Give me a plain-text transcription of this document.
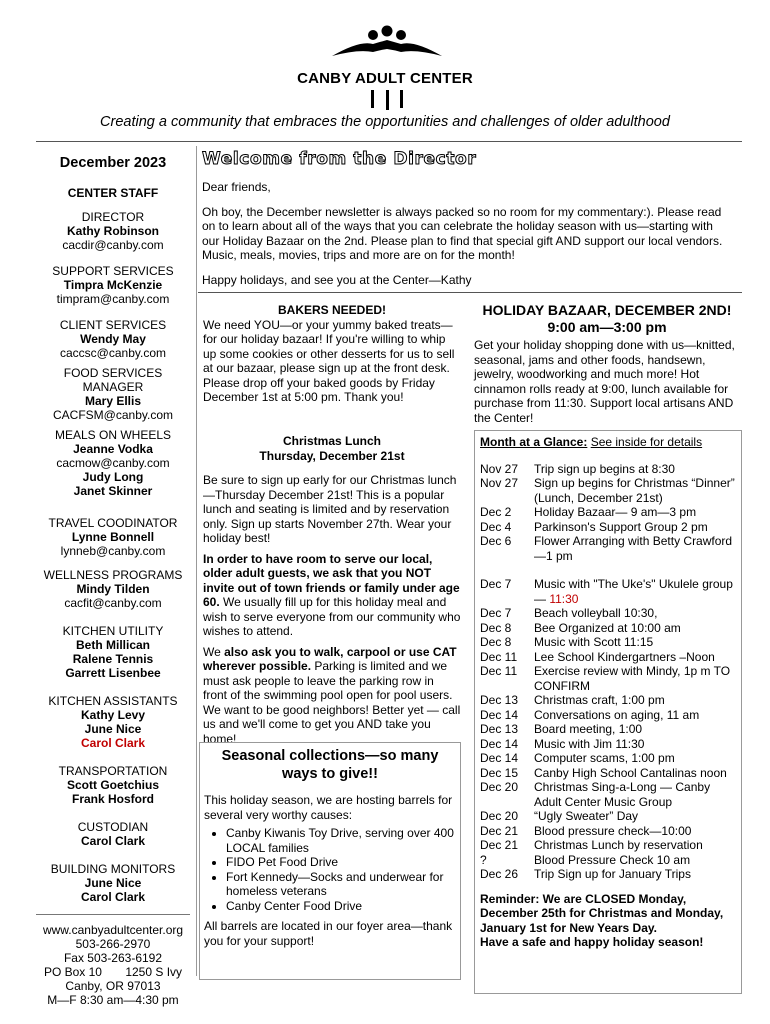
CANBY ADULT CENTER
Creating a community that embraces the opportunities and challenges of older adulthood
December 2023
CENTER STAFF
DIRECTOR
Kathy Robinson
cacdir@canby.com
SUPPORT SERVICES
Timpra McKenzie
timpram@canby.com
CLIENT SERVICES
Wendy May
caccsc@canby.com
FOOD SERVICES
MANAGER
Mary Ellis
CACFSM@canby.com
MEALS ON WHEELS
Jeanne Vodka
cacmow@canby.com
Judy Long
Janet Skinner
TRAVEL COODINATOR
Lynne Bonnell
lynneb@canby.com
WELLNESS PROGRAMS
Mindy Tilden
cacfit@canby.com
KITCHEN UTILITY
Beth Millican
Ralene Tennis
Garrett Lisenbee
KITCHEN ASSISTANTS
Kathy Levy
June Nice
Carol Clark
TRANSPORTATION
Scott Goetchius
Frank Hosford
CUSTODIAN
Carol Clark
BUILDING MONITORS
June Nice
Carol Clark
www.canbyadultcenter.org
503-266-2970
Fax 503-263-6192
PO Box 10 1250 S Ivy
Canby, OR 97013
M—F 8:30 am—4:30 pm
Welcome from the Director

Dear friends,

Oh boy, the December newsletter is always packed so no room for my commentary:). Please read on to learn about all of the ways that you can celebrate the holiday season with us—starting with our Holiday Bazaar on the 2nd. Please plan to find that special gift AND support our local vendors. Music, meals, movies, trips and more are on for the month!

Happy holidays, and see you at the Center—Kathy

BAKERS NEEDED!
We need YOU—or your yummy baked treats—for our holiday bazaar! If you're willing to whip up some cookies or other desserts for us to sell at our bazaar, please sign up at the front desk. Please drop off your baked goods by Friday December 1st at 5:00 pm. Thank you!
Christmas Lunch
Thursday, December 21st

Be sure to sign up early for our Christmas lunch—Thursday December 21st! This is a popular lunch and seating is limited and by reservation only. Sign up starts November 27th. Wear your holiday best!

In order to have room to serve our local, older adult guests, we ask that you NOT invite out of town friends or family under age 60. We usually fill up for this holiday meal and wish to serve everyone from our community who wishes to attend.

We also ask you to walk, carpool or use CAT wherever possible. Parking is limited and we must ask people to leave the parking row in front of the swimming pool open for pool users. We want to be good neighbors! Better yet — call us and we'll come to get you AND take you home!

Seasonal collections—so many ways to give!!
This holiday season, we are hosting barrels for several very worthy causes:
• Canby Kiwanis Toy Drive, serving over 400 LOCAL families
• FIDO Pet Food Drive
• Fort Kennedy—Socks and underwear for homeless veterans
• Canby Center Food Drive
All barrels are located in our foyer area—thank you for your support!
HOLIDAY BAZAAR, DECEMBER 2ND!
9:00 am—3:00 pm
Get your holiday shopping done with us—knitted, seasonal, jams and other foods, handsewn, jewelry, woodworking and much more! Hot cinnamon rolls ready at 9:00, lunch available for purchase from 11:30. Support local artisans AND the Center!
Month at a Glance: See inside for details
Nov 27	Trip sign up begins at 8:30
Nov 27	Sign up begins for Christmas “Dinner” (Lunch, December 21st)
Dec 2	Holiday Bazaar— 9 am—3 pm
Dec 4	Parkinson's Support Group 2 pm
Dec 6	Flower Arranging with Betty Crawford—1 pm

Dec 7	Music with "The Uke's" Ukulele group — 11:30
Dec 7	Beach volleyball 10:30,
Dec 8	Bee Organized at 10:00 am
Dec 8	Music with Scott 11:15
Dec 11	Lee School Kindergartners –Noon
Dec 11	Exercise review with Mindy, 1p m TO CONFIRM
Dec 13	Christmas craft, 1:00 pm
Dec 14	Conversations on aging, 11 am
Dec 13	Board meeting, 1:00
Dec 14	Music with Jim 11:30
Dec 14	Computer scams, 1:00 pm
Dec 15	Canby High School Cantalinas noon
Dec 20	Christmas Sing-a-Long — Canby Adult Center Music Group
Dec 20	“Ugly Sweater” Day
Dec 21	Blood pressure check—10:00
Dec 21	Christmas Lunch by reservation
?	Blood Pressure Check 10 am
Dec 26	Trip Sign up for January Trips
Reminder: We are CLOSED Monday, December 25th for Christmas and Monday, January 1st for New Years Day.
Have a safe and happy holiday season!
